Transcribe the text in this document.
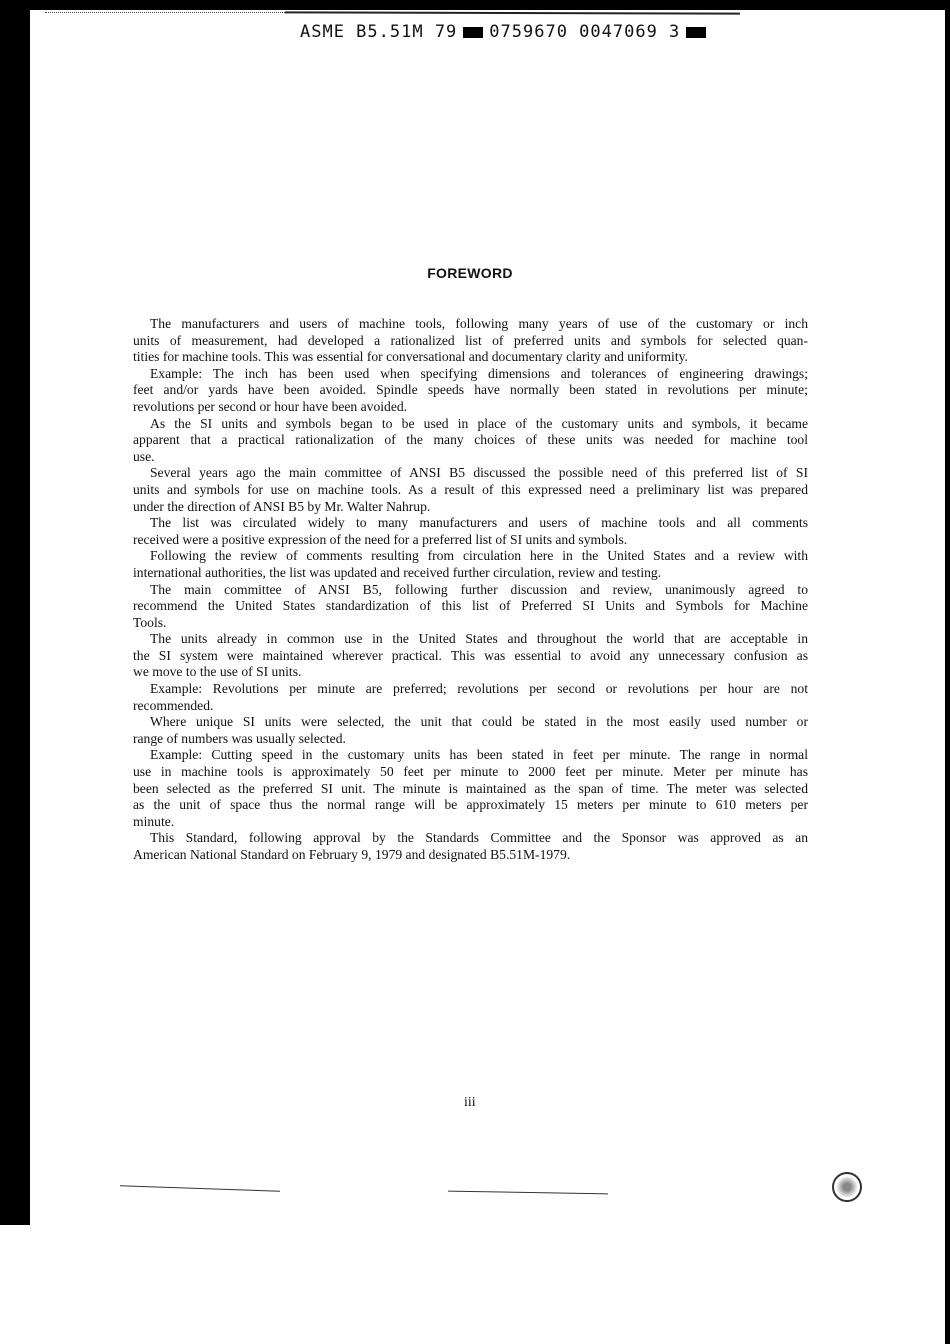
ASME B5.51M 79 0759670 0047069 3
FOREWORD
The manufacturers and users of machine tools, following many years of use of the customary or inch
units of measurement, had developed a rationalized list of preferred units and symbols for selected quan-
tities for machine tools. This was essential for conversational and documentary clarity and uniformity.
Example: The inch has been used when specifying dimensions and tolerances of engineering drawings;
feet and/or yards have been avoided. Spindle speeds have normally been stated in revolutions per minute;
revolutions per second or hour have been avoided.
As the SI units and symbols began to be used in place of the customary units and symbols, it became
apparent that a practical rationalization of the many choices of these units was needed for machine tool
use.
Several years ago the main committee of ANSI B5 discussed the possible need of this preferred list of SI
units and symbols for use on machine tools. As a result of this expressed need a preliminary list was prepared
under the direction of ANSI B5 by Mr. Walter Nahrup.
The list was circulated widely to many manufacturers and users of machine tools and all comments
received were a positive expression of the need for a preferred list of SI units and symbols.
Following the review of comments resulting from circulation here in the United States and a review with
international authorities, the list was updated and received further circulation, review and testing.
The main committee of ANSI B5, following further discussion and review, unanimously agreed to
recommend the United States standardization of this list of Preferred SI Units and Symbols for Machine
Tools.
The units already in common use in the United States and throughout the world that are acceptable in
the SI system were maintained wherever practical. This was essential to avoid any unnecessary confusion as
we move to the use of SI units.
Example: Revolutions per minute are preferred; revolutions per second or revolutions per hour are not
recommended.
Where unique SI units were selected, the unit that could be stated in the most easily used number or
range of numbers was usually selected.
Example: Cutting speed in the customary units has been stated in feet per minute. The range in normal
use in machine tools is approximately 50 feet per minute to 2000 feet per minute. Meter per minute has
been selected as the preferred SI unit. The minute is maintained as the span of time. The meter was selected
as the unit of space thus the normal range will be approximately 15 meters per minute to 610 meters per
minute.
This Standard, following approval by the Standards Committee and the Sponsor was approved as an
American National Standard on February 9, 1979 and designated B5.51M-1979.
iii
